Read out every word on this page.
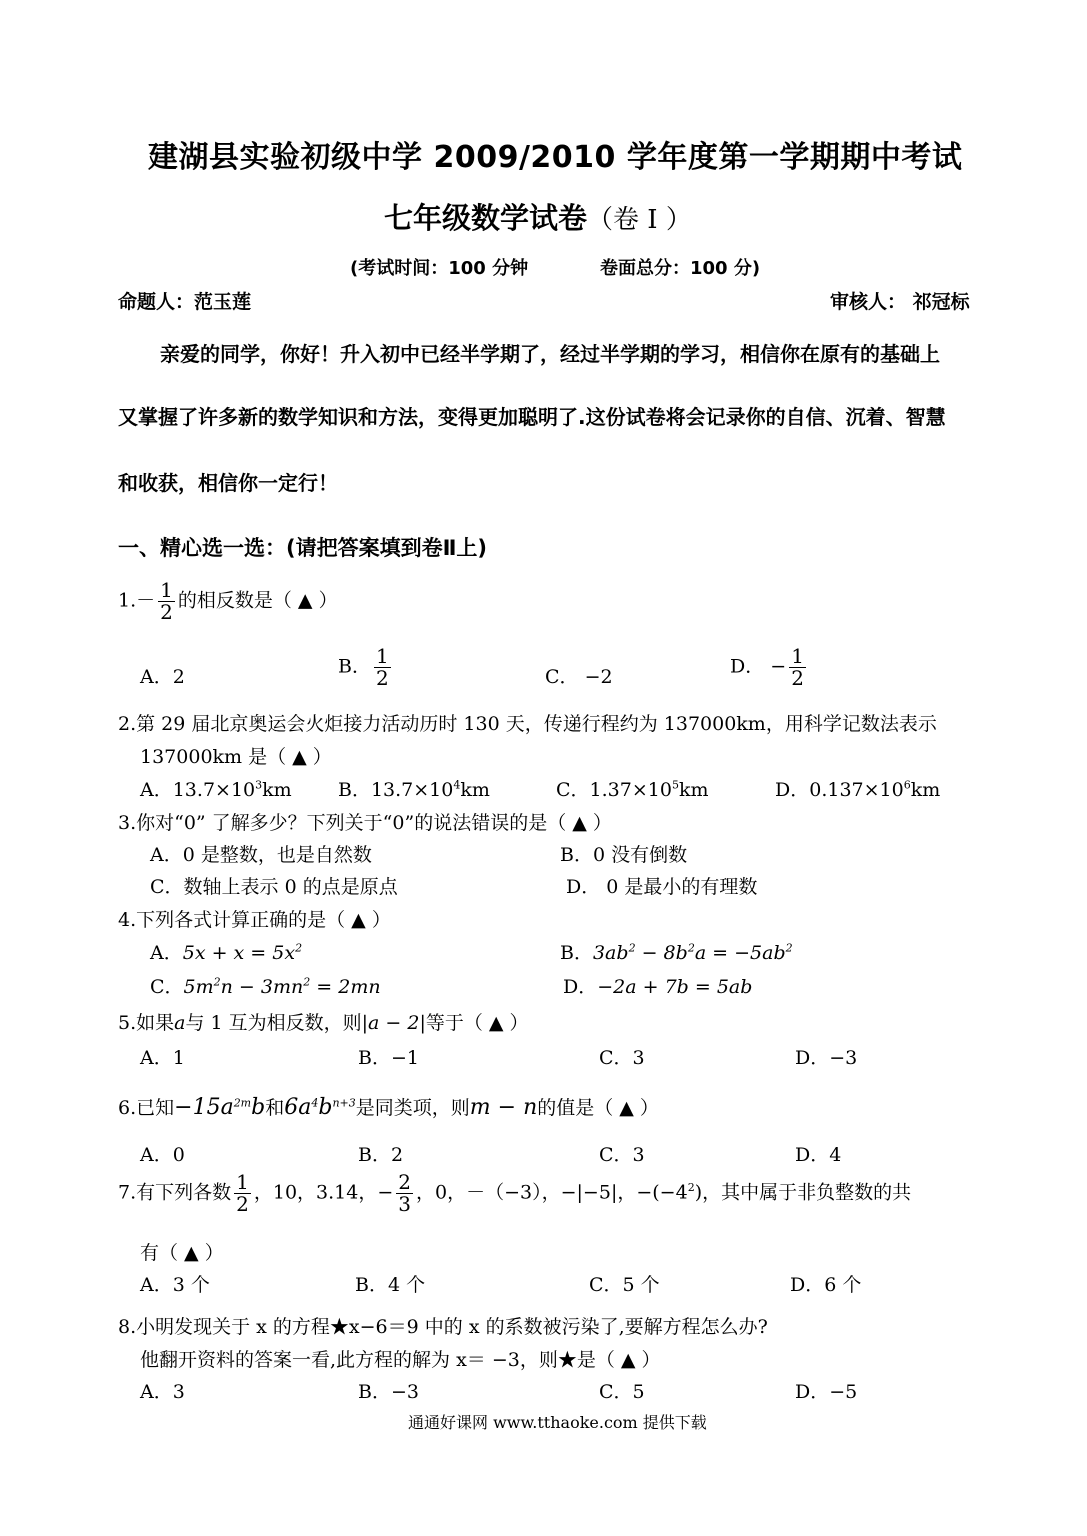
建湖县实验初级中学 2009/2010 学年度第一学期期中考试
七年级数学试卷（卷 I ）
(考试时间：100 分钟	卷面总分：100 分)
命题人：范玉莲	审核人： 祁冠标
亲爱的同学，你好！升入初中已经半学期了，经过半学期的学习，相信你在原有的基础上
又掌握了许多新的数学知识和方法，变得更加聪明了.这份试卷将会记录你的自信、沉着、智慧
和收获，相信你一定行！
一、精心选一选：(请把答案填到卷Ⅱ上)
$1.- \frac{1}{2}$ 的相反数是（ ▲ ）
A．2	B． $\frac{1}{2}$	C． −2	D． − $\frac{1}{2}$
2.第 29 届北京奥运会火炬接力活动历时 130 天，传递行程约为 137000km，用科学记数法表示
137000km 是（ ▲ ）
A．$13.7\times 10^3km$ B．$13.7\times 10^4km$	C．$1.37\times 10^5km$	D．$0.137\times 10^6km$
3.你对“0” 了解多少？下列关于“0”的说法错误的是（ ▲ ）
A．0 是整数，也是自然数	B．0 没有倒数
C．数轴上表示 0 的点是原点	D． 0 是最小的有理数
4.下列各式计算正确的是（ ▲ ）
A．$5x + x = 5x^2$	B．$3ab^2 - 8b^2a = -5ab^2$
C．$5m^2n - 3mn^2 = 2mn$	D．−2a + 7b = 5ab
5.如果a与 1 互为相反数，则|a − 2|等于（ ▲ ）
A．1	B．−1	C．3	D．−3
6.已知$-15a^{2m}b$和$6a^4b^{n+3}$是同类项，则m − n的值是（ ▲ ）
A．0	B．2	C．3	D．4
7.有下列各数 $\frac{1}{2}$ ，10，3.14，− $\frac{2}{3}$ ，0，－（−3），−|−5|，$-(-4^2)$，其中属于非负整数的共
有（ ▲ ）
A．3 个	B．4 个	C．5 个	D．6 个
8.小明发现关于 x 的方程★x−6＝9 中的 x 的系数被污染了,要解方程怎么办?
他翻开资料的答案一看,此方程的解为 x＝ −3，则★是（ ▲ ）
A．3	B．−3	C．5	D．−5
通通好课网 www.tthaoke.com 提供下载
